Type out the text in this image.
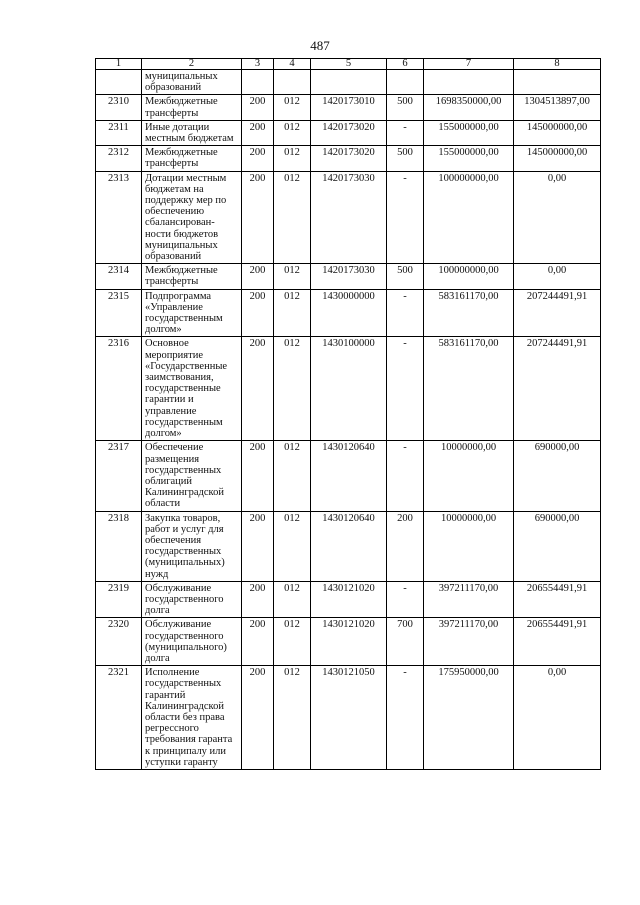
487
1	2	3	4	5	6	7	8
	муниципальных образований						
2310	Межбюджетные трансферты	200	012	1420173010	500	1698350000,00	1304513897,00
2311	Иные дотации местным бюджетам	200	012	1420173020	-	155000000,00	145000000,00
2312	Межбюджетные трансферты	200	012	1420173020	500	155000000,00	145000000,00
2313	Дотации местным бюджетам на поддержку мер по обеспечению сбалансирован-ности бюджетов муниципальных образований	200	012	1420173030	-	100000000,00	0,00
2314	Межбюджетные трансферты	200	012	1420173030	500	100000000,00	0,00
2315	Подпрограмма «Управление государственным долгом»	200	012	1430000000	-	583161170,00	207244491,91
2316	Основное мероприятие «Государственные заимствования, государственные гарантии и управление государственным долгом»	200	012	1430100000	-	583161170,00	207244491,91
2317	Обеспечение размещения государственных облигаций Калининградской области	200	012	1430120640	-	10000000,00	690000,00
2318	Закупка товаров, работ и услуг для обеспечения государственных (муниципальных) нужд	200	012	1430120640	200	10000000,00	690000,00
2319	Обслуживание государственного долга	200	012	1430121020	-	397211170,00	206554491,91
2320	Обслуживание государственного (муниципального) долга	200	012	1430121020	700	397211170,00	206554491,91
2321	Исполнение государственных гарантий Калининградской области без права регрессного требования гаранта к принципалу или уступки гаранту	200	012	1430121050	-	175950000,00	0,00
